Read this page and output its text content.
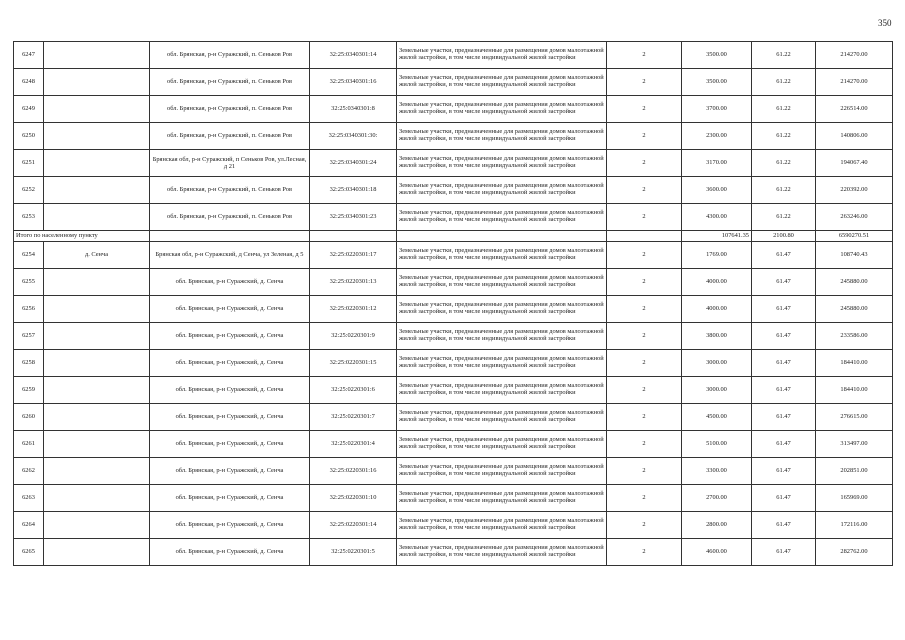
350
6247		обл. Брянская, р-н Суражский, п. Сеньков Ров	32:25:0340301:14	Земельные участки, предназначенные для размещения домов малоэтажной жилой застройки, в том числе индивидуальной жилой застройки	2	3500.00	61.22	214270.00
6248		обл. Брянская, р-н Суражский, п. Сеньков Ров	32:25:0340301:16	Земельные участки, предназначенные для размещения домов малоэтажной жилой застройки, в том числе индивидуальной жилой застройки	2	3500.00	61.22	214270.00
6249		обл. Брянская, р-н Суражский, п. Сеньков Ров	32:25:0340301:8	Земельные участки, предназначенные для размещения домов малоэтажной жилой застройки, в том числе индивидуальной жилой застройки	2	3700.00	61.22	226514.00
6250		обл. Брянская, р-н Суражский, п. Сеньков Ров	32:25:0340301:30:	Земельные участки, предназначенные для размещения домов малоэтажной жилой застройки, в том числе индивидуальной жилой застройки	2	2300.00	61.22	140806.00
6251		Брянская обл, р-н Суражский, п Сеньков Ров, ул.Лесная, д 21	32:25:0340301:24	Земельные участки, предназначенные для размещения домов малоэтажной жилой застройки, в том числе индивидуальной жилой застройки	2	3170.00	61.22	194067.40
6252		обл. Брянская, р-н Суражский, п. Сеньков Ров	32:25:0340301:18	Земельные участки, предназначенные для размещения домов малоэтажной жилой застройки, в том числе индивидуальной жилой застройки	2	3600.00	61.22	220392.00
6253		обл. Брянская, р-н Суражский, п. Сеньков Ров	32:25:0340301:23	Земельные участки, предназначенные для размещения домов малоэтажной жилой застройки, в том числе индивидуальной жилой застройки	2	4300.00	61.22	263246.00
Итого по населенному пункту						107641.35	2100.80	6590270.51
6254	д. Сенча	Брянская обл, р-н Суражский, д Сенча, ул Зеленая, д 5	32:25:0220301:17	Земельные участки, предназначенные для размещения домов малоэтажной жилой застройки, в том числе индивидуальной жилой застройки	2	1769.00	61.47	108740.43
6255		обл. Брянская, р-н Суражский, д. Сенча	32:25:0220301:13	Земельные участки, предназначенные для размещения домов малоэтажной жилой застройки, в том числе индивидуальной жилой застройки	2	4000.00	61.47	245880.00
6256		обл. Брянская, р-н Суражский, д. Сенча	32:25:0220301:12	Земельные участки, предназначенные для размещения домов малоэтажной жилой застройки, в том числе индивидуальной жилой застройки	2	4000.00	61.47	245880.00
6257		обл. Брянская, р-н Суражский, д. Сенча	32:25:0220301:9	Земельные участки, предназначенные для размещения домов малоэтажной жилой застройки, в том числе индивидуальной жилой застройки	2	3800.00	61.47	233586.00
6258		обл. Брянская, р-н Суражский, д. Сенча	32:25:0220301:15	Земельные участки, предназначенные для размещения домов малоэтажной жилой застройки, в том числе индивидуальной жилой застройки	2	3000.00	61.47	184410.00
6259		обл. Брянская, р-н Суражский, д. Сенча	32:25:0220301:6	Земельные участки, предназначенные для размещения домов малоэтажной жилой застройки, в том числе индивидуальной жилой застройки	2	3000.00	61.47	184410.00
6260		обл. Брянская, р-н Суражский, д. Сенча	32:25:0220301:7	Земельные участки, предназначенные для размещения домов малоэтажной жилой застройки, в том числе индивидуальной жилой застройки	2	4500.00	61.47	276615.00
6261		обл. Брянская, р-н Суражский, д. Сенча	32:25:0220301:4	Земельные участки, предназначенные для размещения домов малоэтажной жилой застройки, в том числе индивидуальной жилой застройки	2	5100.00	61.47	313497.00
6262		обл. Брянская, р-н Суражский, д. Сенча	32:25:0220301:16	Земельные участки, предназначенные для размещения домов малоэтажной жилой застройки, в том числе индивидуальной жилой застройки	2	3300.00	61.47	202851.00
6263		обл. Брянская, р-н Суражский, д. Сенча	32:25:0220301:10	Земельные участки, предназначенные для размещения домов малоэтажной жилой застройки, в том числе индивидуальной жилой застройки	2	2700.00	61.47	165969.00
6264		обл. Брянская, р-н Суражский, д. Сенча	32:25:0220301:14	Земельные участки, предназначенные для размещения домов малоэтажной жилой застройки, в том числе индивидуальной жилой застройки	2	2800.00	61.47	172116.00
6265		обл. Брянская, р-н Суражский, д. Сенча	32:25:0220301:5	Земельные участки, предназначенные для размещения домов малоэтажной жилой застройки, в том числе индивидуальной жилой застройки	2	4600.00	61.47	282762.00
